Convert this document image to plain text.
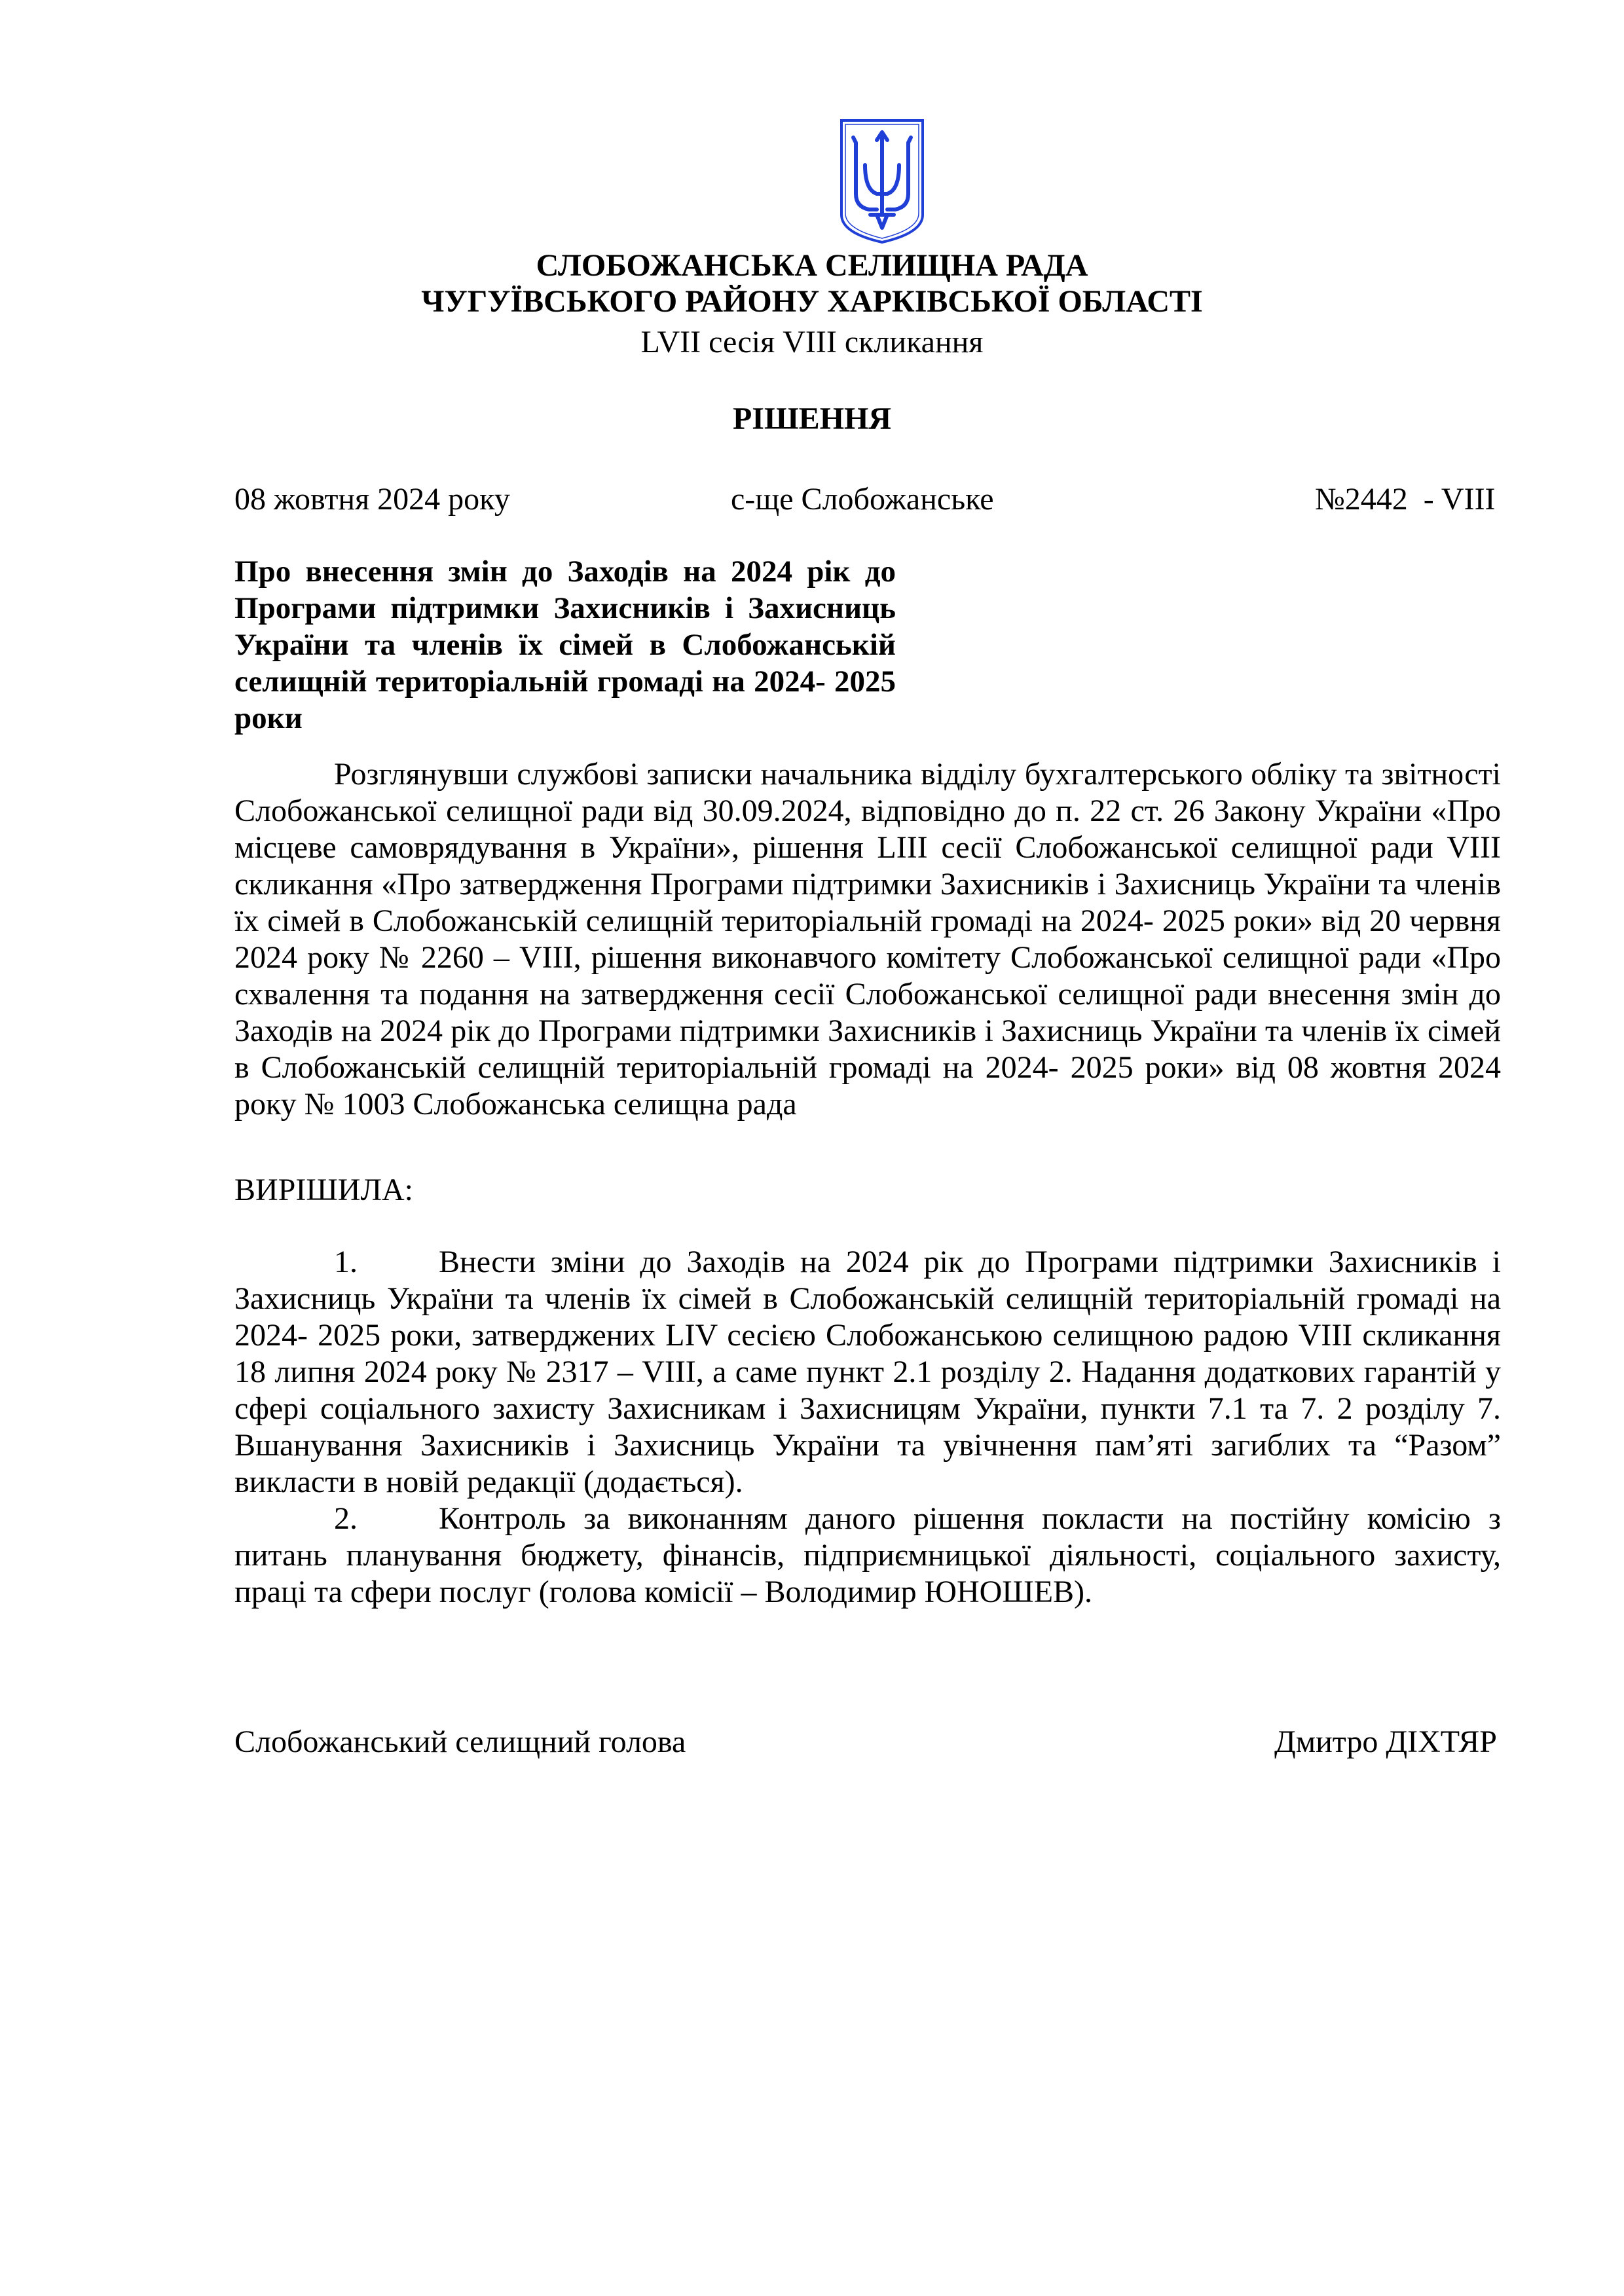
СЛОБОЖАНСЬКА СЕЛИЩНА РАДА
ЧУГУЇВСЬКОГО РАЙОНУ ХАРКІВСЬКОЇ ОБЛАСТІ
LVII сесія VIII скликання
РІШЕННЯ
08 жовтня 2024 року	с-ще Слобожанське	№2442  - VIII
Про внесення змін до Заходів на 2024 рік до Програми підтримки Захисників і Захисниць України та членів їх сімей в Слобожанській селищній територіальній громаді на 2024- 2025 роки
Розглянувши службові записки начальника відділу бухгалтерського обліку та звітності Слобожанської селищної ради від 30.09.2024, відповідно до п. 22 ст. 26 Закону України «Про місцеве самоврядування в України», рішення LIII сесії Слобожанської селищної ради VIII скликання «Про затвердження Програми підтримки Захисників і Захисниць України та членів їх сімей в Слобожанській селищній територіальній громаді на 2024- 2025 роки» від 20 червня 2024 року № 2260 – VIII, рішення виконавчого комітету Слобожанської селищної ради «Про схвалення та подання на затвердження сесії Слобожанської селищної ради внесення змін до Заходів на 2024 рік до Програми підтримки Захисників і Захисниць України та членів їх сімей в Слобожанській селищній територіальній громаді на 2024- 2025 роки» від 08 жовтня 2024 року № 1003 Слобожанська селищна рада
ВИРІШИЛА:

1.	Внести зміни до Заходів на 2024 рік до Програми підтримки Захисників і Захисниць України та членів їх сімей в Слобожанській селищній територіальній громаді на 2024- 2025 роки, затверджених LIV сесією Слобожанською селищною радою VIII скликання 18 липня 2024 року № 2317 – VIII, а саме пункт 2.1 розділу 2. Надання додаткових гарантій у сфері соціального захисту Захисникам і Захисницям України, пункти 7.1 та 7. 2 розділу 7. Вшанування Захисників і Захисниць України та увічнення пам’яті загиблих та “Разом” викласти в новій редакції (додається).

2.	Контроль за виконанням даного рішення покласти на постійну комісію з питань планування бюджету, фінансів, підприємницької діяльності, соціального захисту, праці та сфери послуг (голова комісії – Володимир ЮНОШЕВ).

Слобожанський селищний голова	Дмитро ДІХТЯР
